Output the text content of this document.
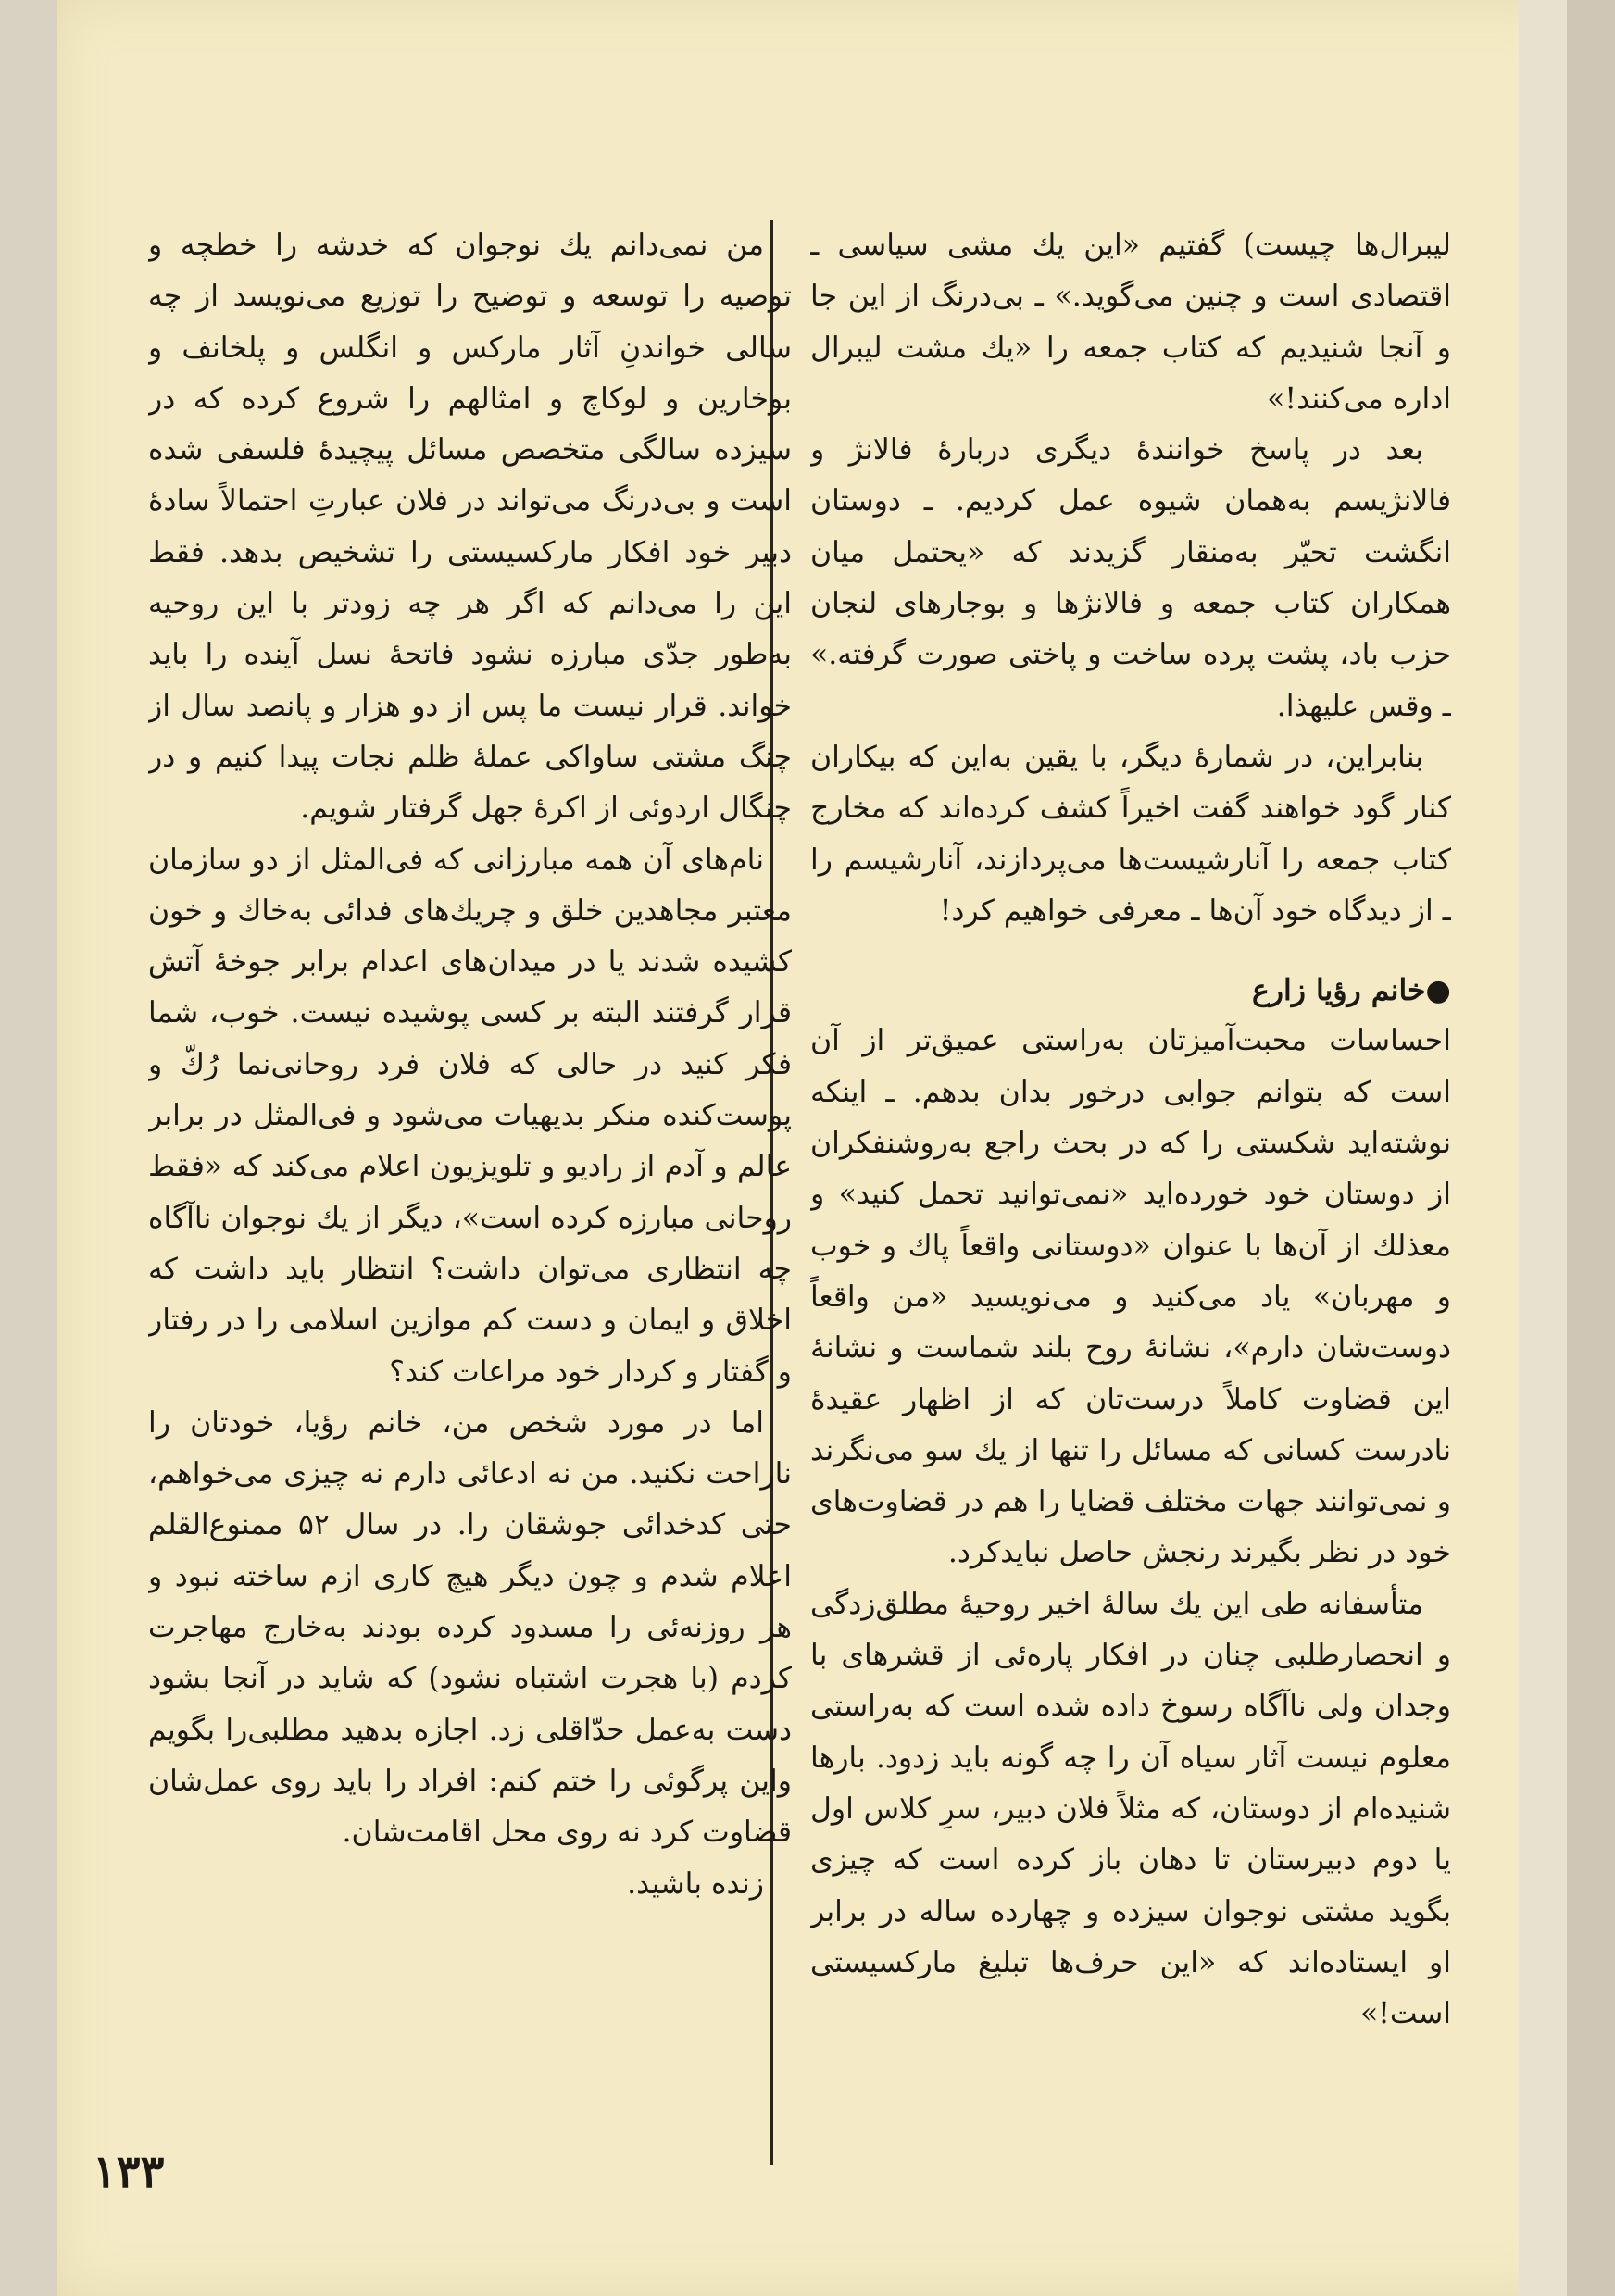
لیبرال‌ها چیست) گفتیم «این یك مشی سیاسی ـ اقتصادی است و چنین می‌گوید.» ـ بی‌درنگ از این جا و آنجا شنیدیم که کتاب جمعه را «یك مشت لیبرال اداره می‌کنند!»

بعد در پاسخ خوانندهٔ دیگری دربارهٔ فالانژ و فالانژیسم به‌همان شیوه عمل کردیم. ـ دوستان انگشت تحیّر به‌منقار گزیدند که «یحتمل میان همکاران کتاب جمعه و فالانژها و بوجارهای لنجان حزب باد، پشت پرده ساخت و پاختی صورت گرفته.» ـ وقس علیهذا.

بنابراین، در شمارهٔ دیگر، با یقین به‌این که بیکاران کنار گود خواهند گفت اخیراً کشف کرده‌اند که مخارج کتاب جمعه را آنارشیست‌ها می‌پردازند، آنارشیسم را ـ از دیدگاه خود آن‌ها ـ معرفی خواهیم کرد!

●خانم رؤیا زارع

احساسات محبت‌آمیزتان به‌راستی عمیق‌تر از آن است که بتوانم جوابی درخور بدان بدهم. ـ اینکه نوشته‌اید شکستی را که در بحث راجع به‌روشنفکران از دوستان خود خورده‌اید «نمی‌توانید تحمل کنید» و معذلك از آن‌ها با عنوان «دوستانی واقعاً پاك و خوب و مهربان» یاد می‌کنید و می‌نویسید «من واقعاً دوست‌شان دارم»، نشانهٔ روح بلند شماست و نشانهٔ این قضاوت کاملاً درست‌تان که از اظهار عقیدهٔ نادرست کسانی که مسائل را تنها از یك سو می‌نگرند و نمی‌توانند جهات مختلف قضایا را هم در قضاوت‌های خود در نظر بگیرند رنجش حاصل نبایدکرد.

متأسفانه طی این یك سالهٔ اخیر روحیهٔ مطلق‌زدگی و انحصارطلبی چنان در افکار پاره‌ئی از قشرهای با وجدان ولی ناآگاه رسوخ داده شده است که به‌راستی معلوم نیست آثار سیاه آن را چه گونه باید زدود. بارها شنیده‌ام از دوستان، که مثلاً فلان دبیر، سرِ کلاس اول یا دوم دبیرستان تا دهان باز کرده است که چیزی بگوید مشتی نوجوان سیزده و چهارده ساله در برابر او ایستاده‌اند که «این حرف‌ها تبلیغ مارکسیستی است!»

من نمی‌دانم یك نوجوان که خدشه را خطچه و توصیه را توسعه و توضیح را توزیع می‌نویسد از چه سالی خواندنِ آثار مارکس و انگلس و پلخانف و بوخارین و لوکاچ و امثالهم را شروع کرده که در سیزده سالگی متخصص مسائل پیچیدهٔ فلسفی شده است و بی‌درنگ می‌تواند در فلان عبارتِ احتمالاً سادهٔ دبیر خود افکار مارکسیستی را تشخیص بدهد. فقط این را می‌دانم که اگر هر چه زودتر با این روحیه به‌طور جدّی مبارزه نشود فاتحهٔ نسل آینده را باید خواند. قرار نیست ما پس از دو هزار و پانصد سال از چنگ مشتی ساواکی عملهٔ ظلم نجات پیدا کنیم و در چنگال اردوئی از اکرهٔ جهل گرفتار شویم.

نام‌های آن همه مبارزانی که فی‌المثل از دو سازمان معتبر مجاهدین خلق و چریك‌های فدائی به‌خاك و خون کشیده شدند یا در میدان‌های اعدام برابر جوخهٔ آتش قرار گرفتند البته بر کسی پوشیده نیست. خوب، شما فکر کنید در حالی که فلان فرد روحانی‌نما رُكّ و پوست‌کنده منکر بدیهیات می‌شود و فی‌المثل در برابر عالم و آدم از رادیو و تلویزیون اعلام می‌کند که «فقط روحانی مبارزه کرده است»، دیگر از یك نوجوان ناآگاه چه انتظاری می‌توان داشت؟ انتظار باید داشت که اخلاق و ایمان و دست کم موازین اسلامی را در رفتار و گفتار و کردار خود مراعات کند؟

اما در مورد شخص من، خانم رؤیا، خودتان را ناراحت نکنید. من نه ادعائی دارم نه چیزی می‌خواهم، حتی کدخدائی جوشقان را. در سال ۵۲ ممنوع‌القلم اعلام شدم و چون دیگر هیچ کاری ازم ساخته نبود و هر روزنه‌ئی را مسدود کرده بودند به‌خارج مهاجرت کردم (با هجرت اشتباه نشود) که شاید در آنجا بشود دست به‌عمل حدّاقلی زد. اجازه بدهید مطلبی‌را بگویم واین پرگوئی را ختم کنم: افراد را باید روی عمل‌شان قضاوت کرد نه روی محل اقامت‌شان.

زنده باشید.

۱۳۳
